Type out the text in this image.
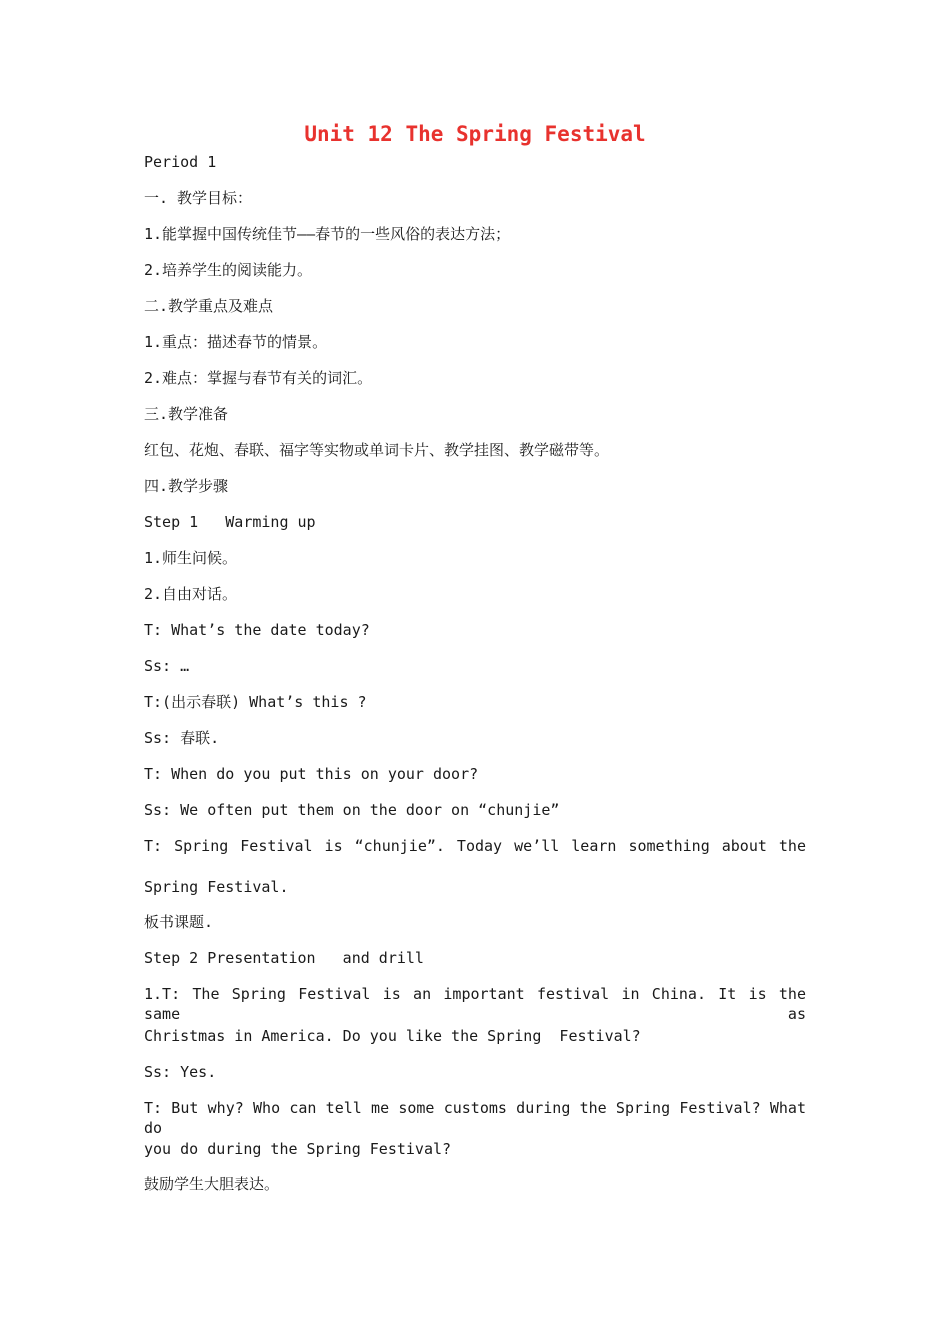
Unit 12 The Spring Festival
Period 1
一. 教学目标：
1.能掌握中国传统佳节——春节的一些风俗的表达方法；
2.培养学生的阅读能力。
二.教学重点及难点
1.重点：描述春节的情景。
2.难点：掌握与春节有关的词汇。
三.教学准备
红包、花炮、春联、福字等实物或单词卡片、教学挂图、教学磁带等。
四.教学步骤
Step 1   Warming up
1.师生问候。
2.自由对话。
T: What’s the date today?
Ss: …
T:(出示春联) What’s this ?
Ss: 春联.
T: When do you put this on your door?
Ss: We often put them on the door on “chunjie”
T: Spring Festival is “chunjie”. Today we’ll learn something about the
Spring Festival.
板书课题.
Step 2 Presentation   and drill
1.T: The Spring Festival is an important festival in China. It is the same as
Christmas in America. Do you like the Spring  Festival?
Ss: Yes.
T: But why? Who can tell me some customs during the Spring Festival? What do
you do during the Spring Festival?
鼓励学生大胆表达。
